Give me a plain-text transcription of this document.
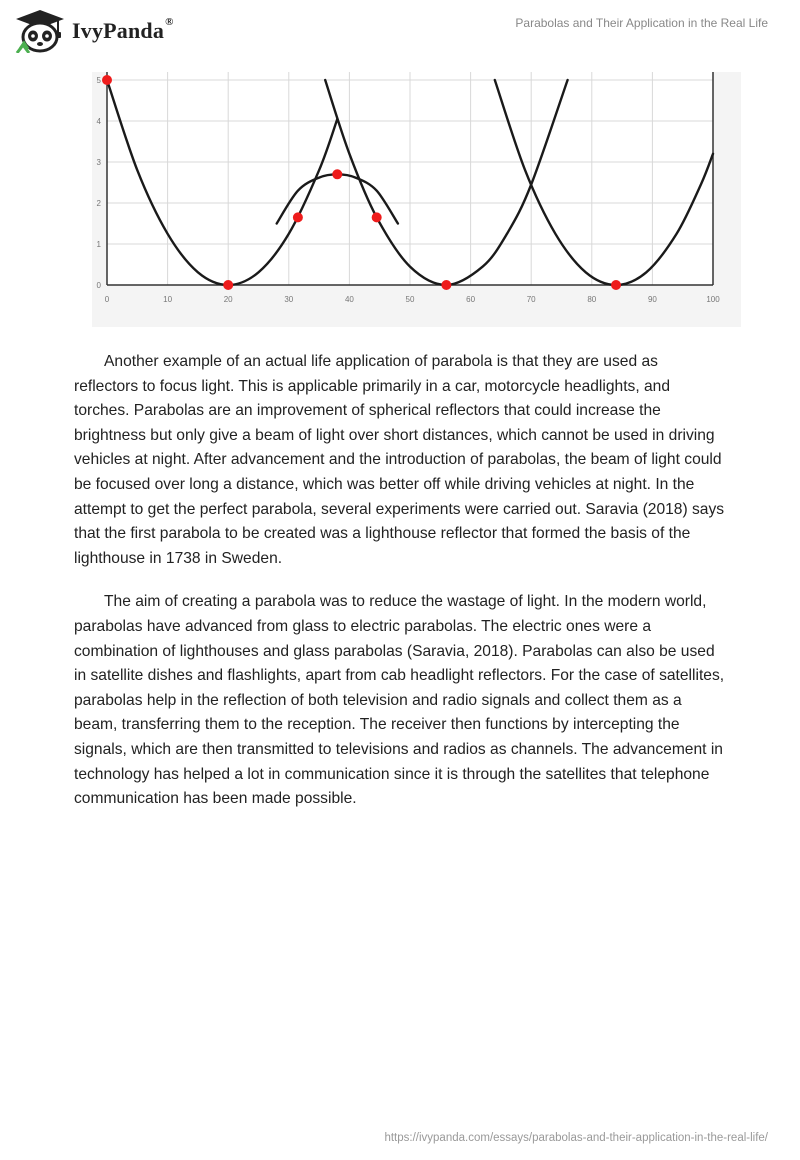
IvyPanda®	Parabolas and Their Application in the Real Life
0	10	20	30	40	50	60	70	80	90	100
0
1
2
3
4
5

Another example of an actual life application of parabola is that they are used as reflectors to focus light. This is applicable primarily in a car, motorcycle headlights, and torches. Parabolas are an improvement of spherical reflectors that could increase the brightness but only give a beam of light over short distances, which cannot be used in driving vehicles at night. After advancement and the introduction of parabolas, the beam of light could be focused over long a distance, which was better off while driving vehicles at night. In the attempt to get the perfect parabola, several experiments were carried out. Saravia (2018) says that the first parabola to be created was a lighthouse reflector that formed the basis of the lighthouse in 1738 in Sweden.

The aim of creating a parabola was to reduce the wastage of light. In the modern world, parabolas have advanced from glass to electric parabolas. The electric ones were a combination of lighthouses and glass parabolas (Saravia, 2018). Parabolas can also be used in satellite dishes and flashlights, apart from cab headlight reflectors. For the case of satellites, parabolas help in the reflection of both television and radio signals and collect them as a beam, transferring them to the reception. The receiver then functions by intercepting the signals, which are then transmitted to televisions and radios as channels. The advancement in technology has helped a lot in communication since it is through the satellites that telephone communication has been made possible.

https://ivypanda.com/essays/parabolas-and-their-application-in-the-real-life/
